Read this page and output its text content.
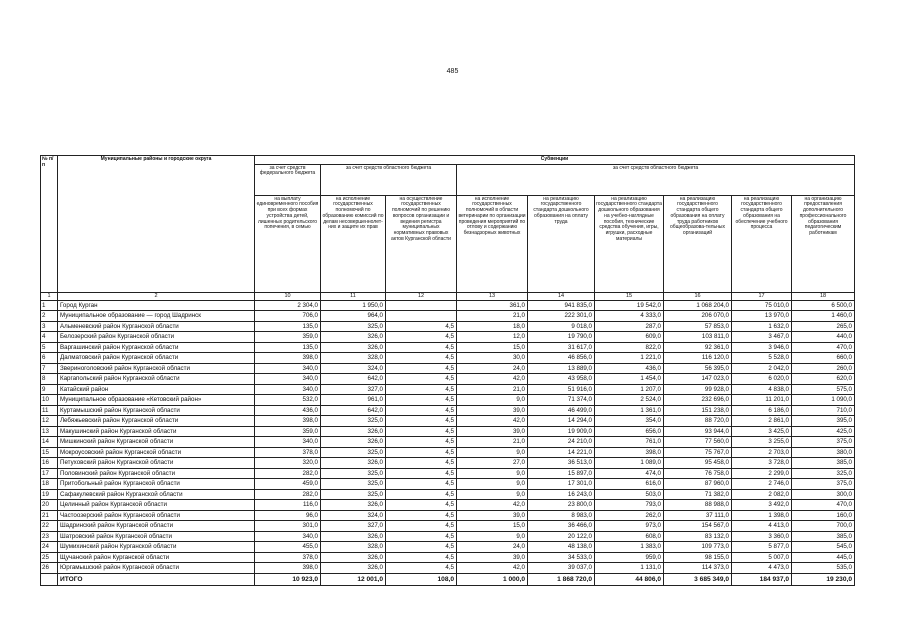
485
№ п/п	Муниципальные районы и городские округа	Субвенции								
		за счет средств федерального бюджета	за счет средств областного бюджета		за счет средств областного бюджета					
		на выплату единовременного пособия при всех формах устройства детей, лишенных родительского попечения, в семью	на исполнение государственных полномочий по образованию комиссий по делам несовершеннолет-них и защите их прав	на осуществление государственных полномочий по решению вопросов организации и ведения регистра муниципальных нормативных правовых актов Курганской области	на исполнение государственных полномочий в области ветеринарии по организации проведения мероприятий по отлову и содержанию безнадзорных животных	на реализацию государственного стандарта дошкольного образования на оплату труда	на реализацию государственного стандарта дошкольного образования на учебно-наглядные пособия, технические средства обучения, игры, игрушки, расходные материалы	на реализацию государственного стандарта общего образования на оплату труда работников общеобразова-тельных организаций	на реализацию государственного стандарта общего образования на обеспечение учебного процесса	на организацию предоставления дополнительного профессионального образования педагогическим работникам
1	2	10	11	12	13	14	15	16	17	18
1	Город Курган	2 304,0	1 950,0		361,0	941 835,0	19 542,0	1 068 204,0	75 010,0	6 500,0
2	Муниципальное образование — город Шадринск	706,0	964,0		21,0	222 301,0	4 333,0	206 070,0	13 970,0	1 460,0
3	Альменевский район Курганской области	135,0	325,0	4,5	18,0	9 018,0	287,0	57 853,0	1 632,0	265,0
4	Белозерский район Курганской области	359,0	326,0	4,5	12,0	19 790,0	609,0	103 811,0	3 467,0	440,0
5	Варгашинский район Курганской области	135,0	326,0	4,5	15,0	31 617,0	822,0	92 361,0	3 946,0	470,0
6	Далматовский район Курганской области	398,0	328,0	4,5	30,0	46 856,0	1 221,0	116 120,0	5 528,0	660,0
7	Звериноголовский район Курганской области	340,0	324,0	4,5	24,0	13 889,0	436,0	56 395,0	2 042,0	260,0
8	Каргапольский район Курганской области	340,0	642,0	4,5	42,0	43 958,0	1 454,0	147 023,0	6 020,0	620,0
9	Катайский район	340,0	327,0	4,5	21,0	51 916,0	1 207,0	99 928,0	4 838,0	575,0
10	Муниципальное образование «Кетовский район»	532,0	961,0	4,5	9,0	71 374,0	2 524,0	232 696,0	11 201,0	1 090,0
11	Куртамышский район Курганской области	436,0	642,0	4,5	39,0	46 499,0	1 361,0	151 238,0	6 186,0	710,0
12	Лебяжьевский район Курганской области	398,0	325,0	4,5	42,0	14 294,0	354,0	88 720,0	2 861,0	395,0
13	Макушинский район Курганской области	359,0	326,0	4,5	39,0	19 909,0	656,0	93 944,0	3 425,0	425,0
14	Мишкинский район Курганской области	340,0	326,0	4,5	21,0	24 210,0	761,0	77 560,0	3 255,0	375,0
15	Мокроусовский район Курганской области	378,0	325,0	4,5	9,0	14 221,0	398,0	75 767,0	2 703,0	380,0
16	Петуховский район Курганской области	320,0	326,0	4,5	27,0	36 513,0	1 089,0	95 458,0	3 728,0	385,0
17	Половинский район Курганской области	282,0	325,0	4,5	9,0	15 897,0	474,0	76 758,0	2 299,0	325,0
18	Притобольный район Курганской области	459,0	325,0	4,5	9,0	17 301,0	616,0	87 960,0	2 746,0	375,0
19	Сафакулевский район Курганской области	282,0	325,0	4,5	9,0	16 243,0	503,0	71 382,0	2 082,0	300,0
20	Целинный район Курганской области	116,0	326,0	4,5	42,0	23 800,0	793,0	88 988,0	3 492,0	470,0
21	Частоозерский район Курганской области	96,0	324,0	4,5	39,0	8 983,0	262,0	37 111,0	1 398,0	160,0
22	Шадринский район Курганской области	301,0	327,0	4,5	15,0	36 466,0	973,0	154 567,0	4 413,0	700,0
23	Шатровский район Курганской области	340,0	326,0	4,5	9,0	20 122,0	608,0	83 132,0	3 360,0	385,0
24	Шумихинский район Курганской области	455,0	328,0	4,5	24,0	48 138,0	1 383,0	109 773,0	5 877,0	545,0
25	Щучанский район Курганской области	378,0	326,0	4,5	39,0	34 533,0	959,0	98 155,0	5 007,0	445,0
26	Юргамышский район Курганской области	398,0	326,0	4,5	42,0	39 037,0	1 131,0	114 373,0	4 473,0	535,0
	ИТОГО	10 923,0	12 001,0	108,0	1 000,0	1 868 720,0	44 806,0	3 685 349,0	184 937,0	19 230,0
